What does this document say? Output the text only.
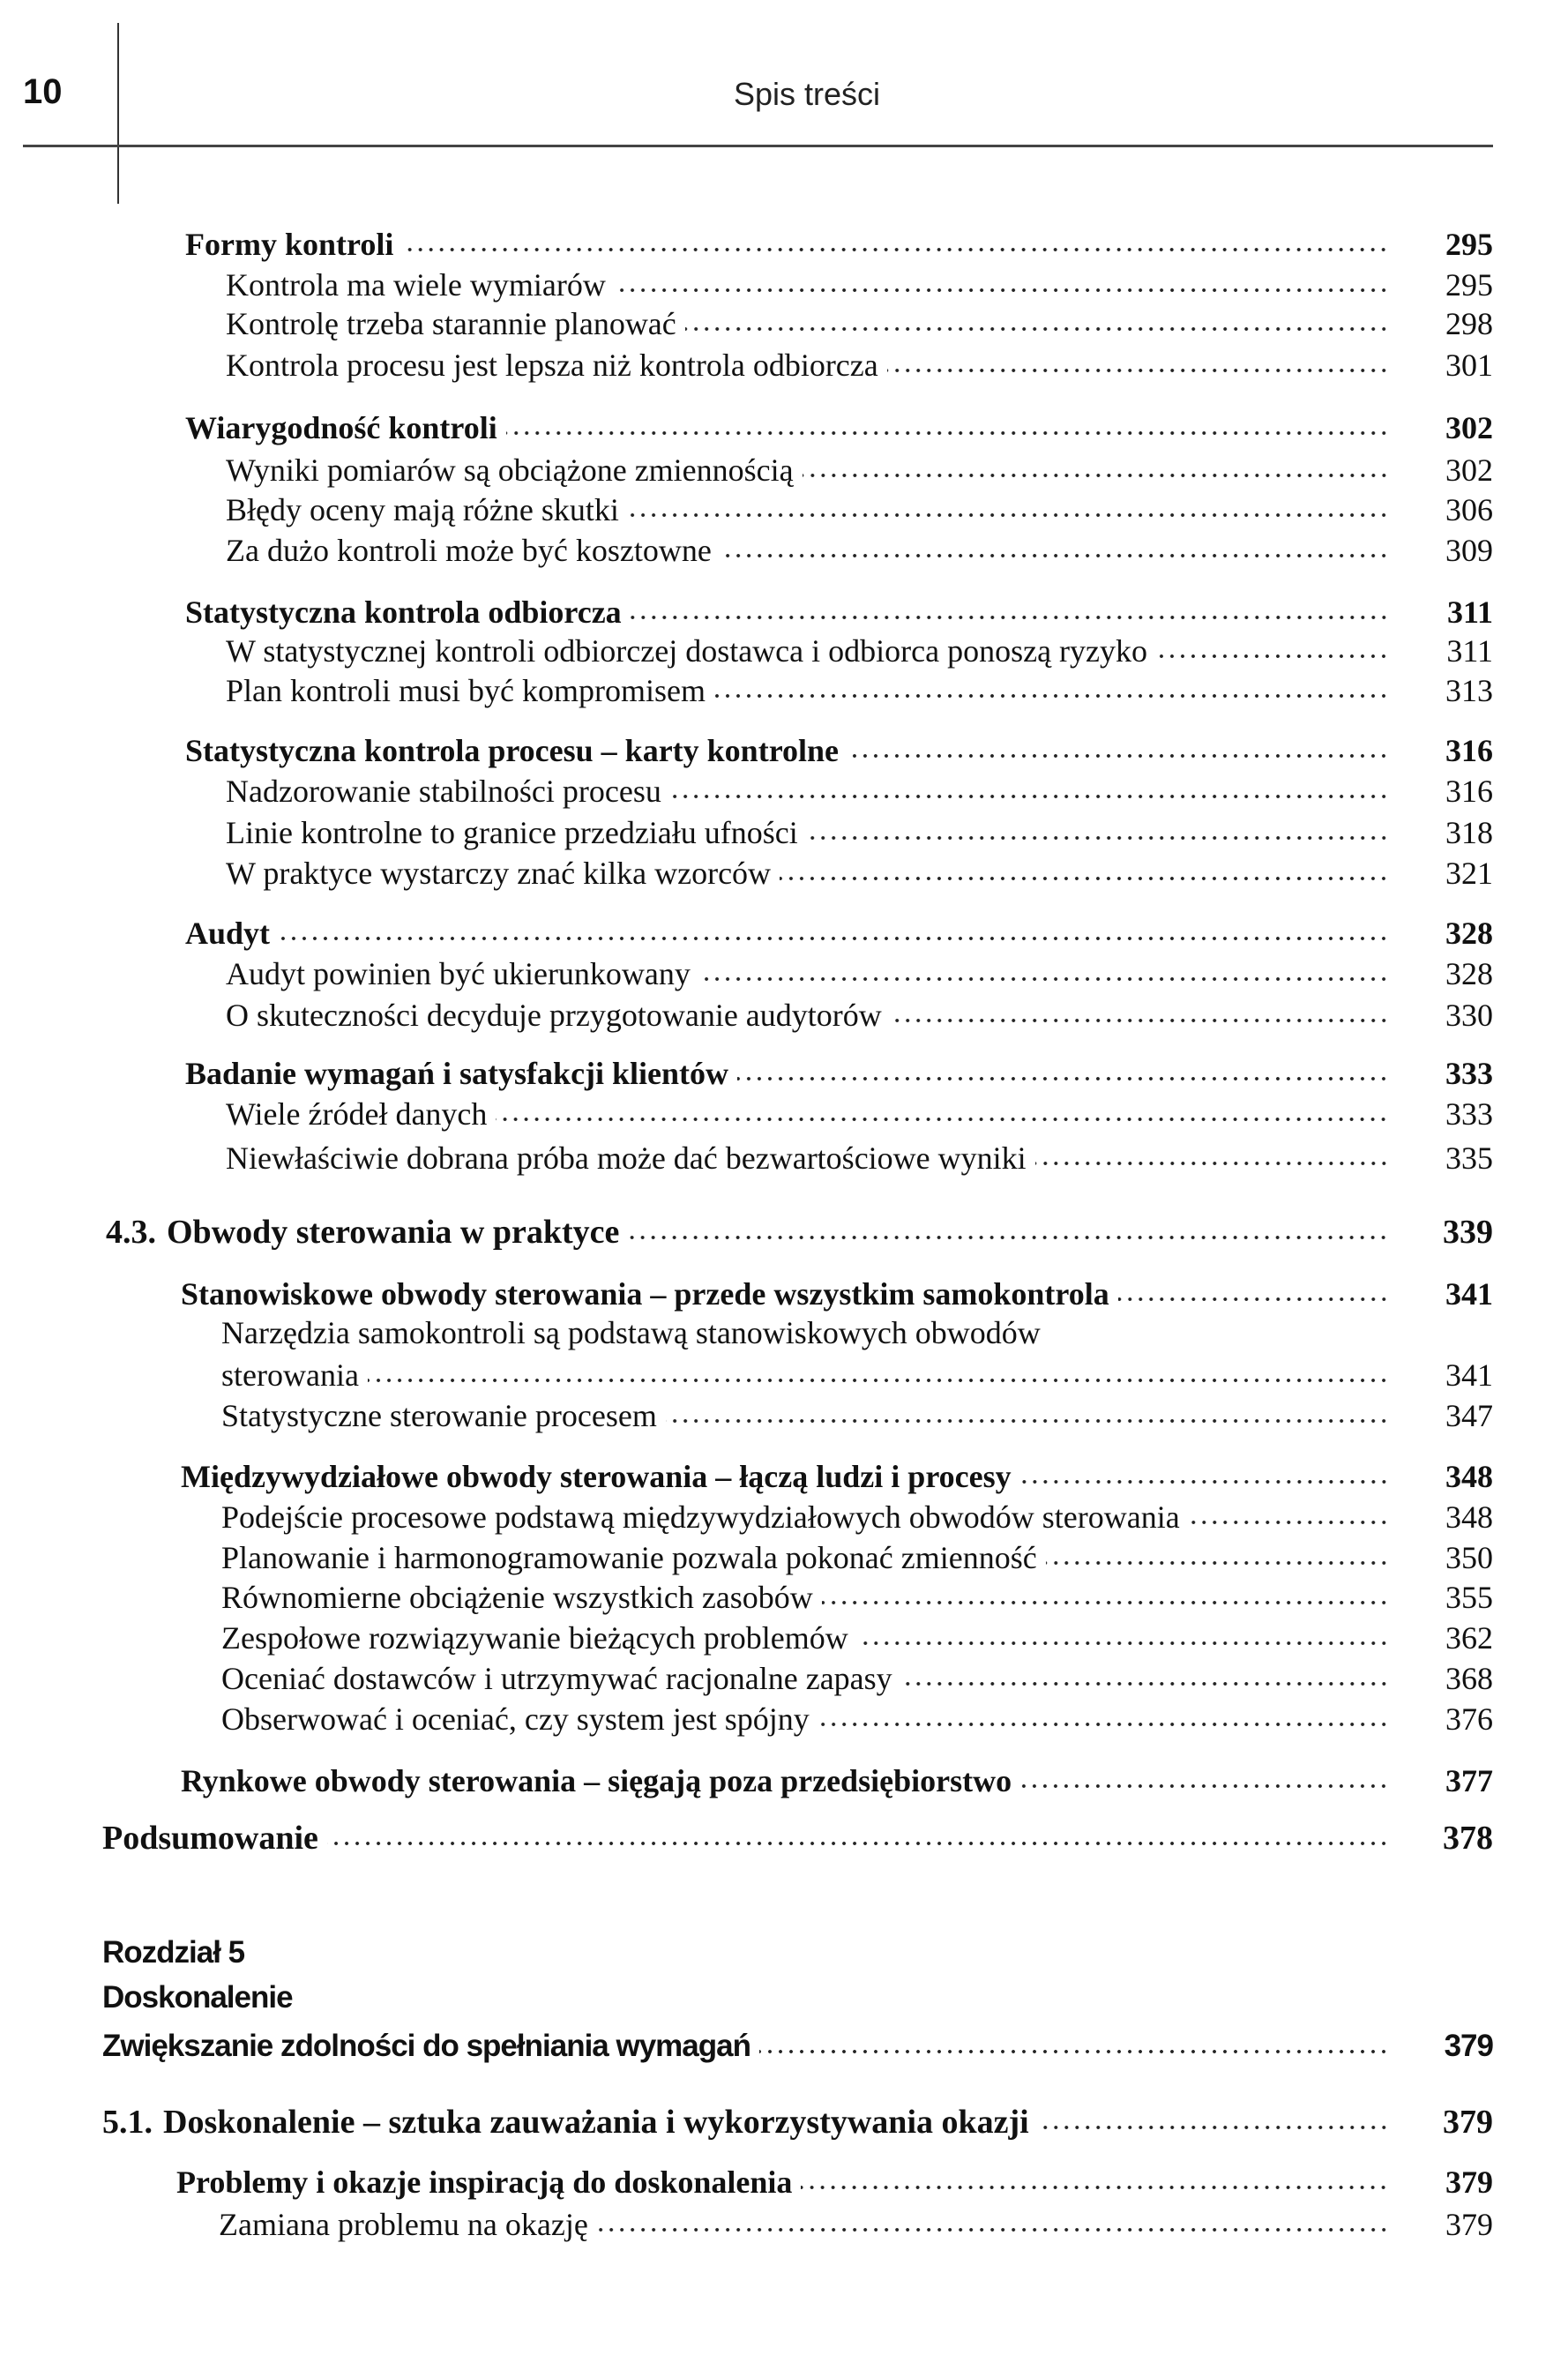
10	Spis treści
Formy kontroli	295
Kontrola ma wiele wymiarów	295
Kontrolę trzeba starannie planować	298
Kontrola procesu jest lepsza niż kontrola odbiorcza	301
Wiarygodność kontroli	302
Wyniki pomiarów są obciążone zmiennością	302
Błędy oceny mają różne skutki	306
Za dużo kontroli może być kosztowne	309
Statystyczna kontrola odbiorcza	311
W statystycznej kontroli odbiorczej dostawca i odbiorca ponoszą ryzyko	311
Plan kontroli musi być kompromisem	313
Statystyczna kontrola procesu – karty kontrolne	316
Nadzorowanie stabilności procesu	316
Linie kontrolne to granice przedziału ufności	318
W praktyce wystarczy znać kilka wzorców	321
Audyt	328
Audyt powinien być ukierunkowany	328
O skuteczności decyduje przygotowanie audytorów	330
Badanie wymagań i satysfakcji klientów	333
Wiele źródeł danych	333
Niewłaściwie dobrana próba może dać bezwartościowe wyniki	335
4.3. Obwody sterowania w praktyce	339
Stanowiskowe obwody sterowania – przede wszystkim samokontrola	341
Narzędzia samokontroli są podstawą stanowiskowych obwodów
sterowania	341
Statystyczne sterowanie procesem	347
Międzywydziałowe obwody sterowania – łączą ludzi i procesy	348
Podejście procesowe podstawą międzywydziałowych obwodów sterowania	348
Planowanie i harmonogramowanie pozwala pokonać zmienność	350
Równomierne obciążenie wszystkich zasobów	355
Zespołowe rozwiązywanie bieżących problemów	362
Oceniać dostawców i utrzymywać racjonalne zapasy	368
Obserwować i oceniać, czy system jest spójny	376
Rynkowe obwody sterowania – sięgają poza przedsiębiorstwo	377
Podsumowanie	378
Rozdział 5
Doskonalenie
Zwiększanie zdolności do spełniania wymagań	379
5.1. Doskonalenie – sztuka zauważania i wykorzystywania okazji	379
Problemy i okazje inspiracją do doskonalenia	379
Zamiana problemu na okazję	379
